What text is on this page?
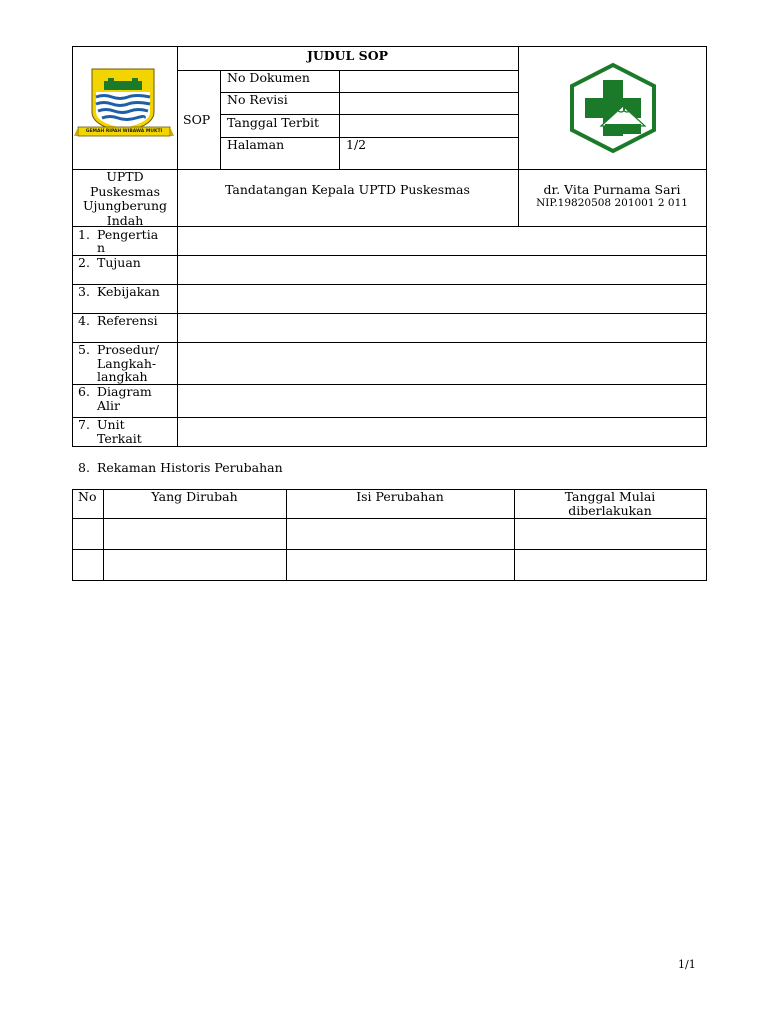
GEMAH RIPAH WIBAWA MUKTI
JUDUL SOP
SOP
No Dokumen
No Revisi
Tanggal Terbit
Halaman	1/2
UPTD Puskesmas Ujungberung Indah
Tandatangan Kepala UPTD Puskesmas	dr. Vita Purnama Sari
NIP.19820508 201001 2 011
1. Pengertia n
2. Tujuan
3. Kebijakan
4. Referensi
5. Prosedur/ Langkah-langkah
6. Diagram Alir
7. Unit Terkait
8. Rekaman Historis Perubahan
No	Yang Dirubah	Isi Perubahan	Tanggal Mulai diberlakukan
1/1
